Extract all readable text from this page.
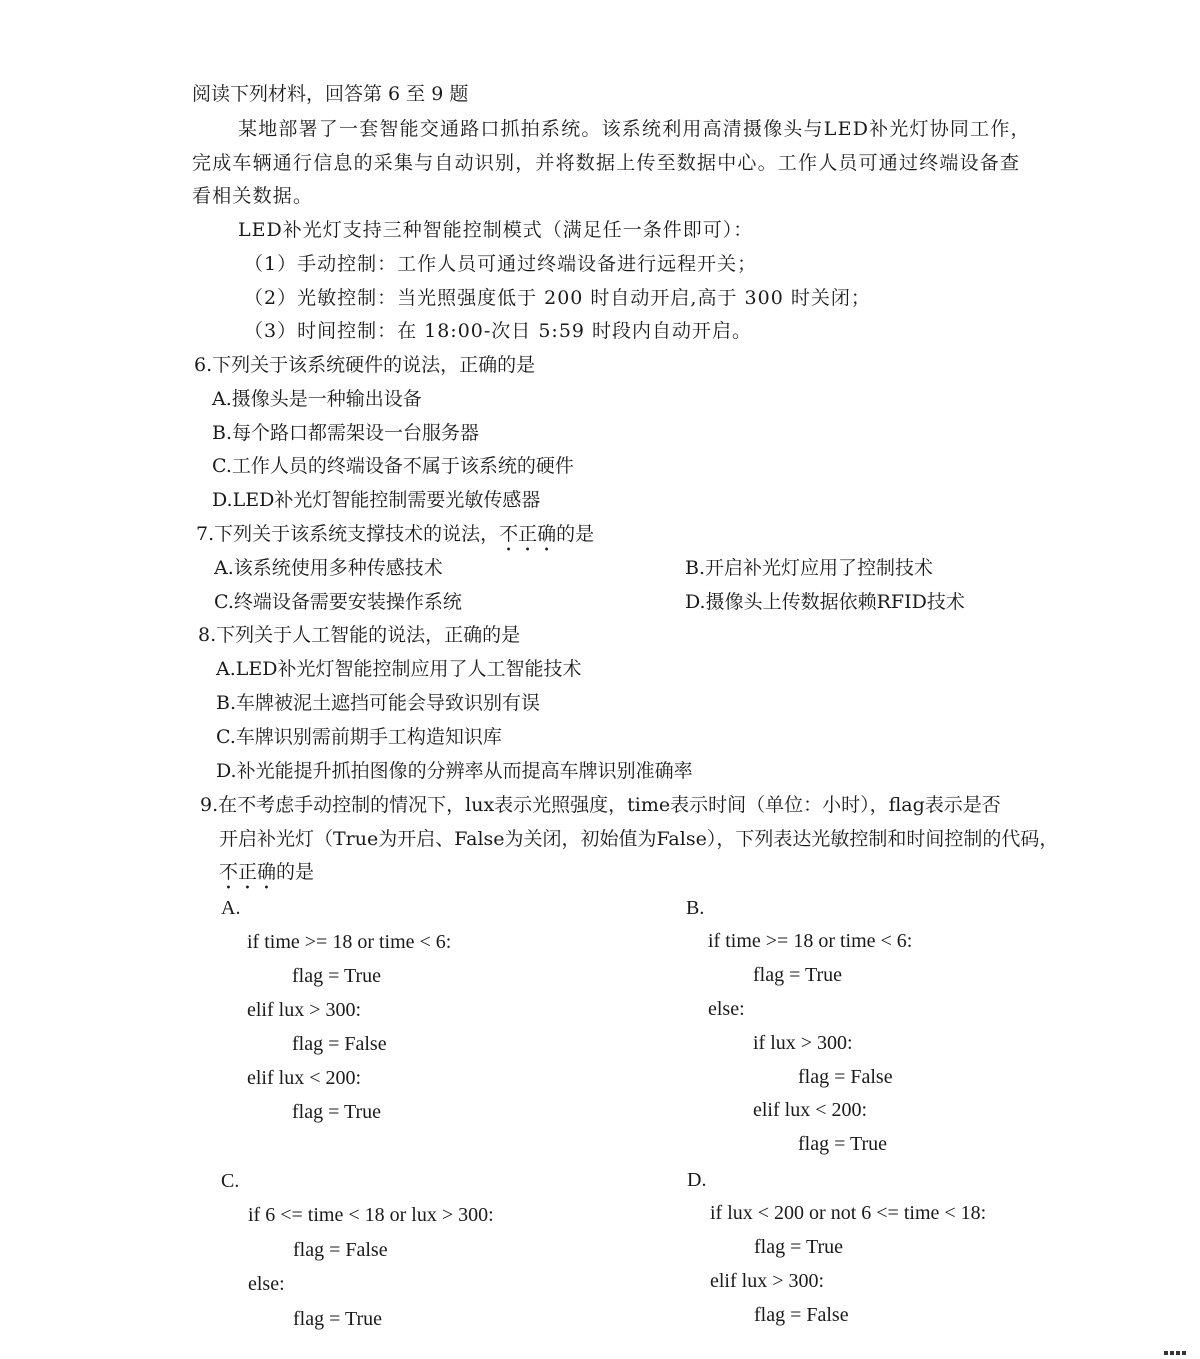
阅读下列材料，回答第 6 至 9 题
某地部署了一套智能交通路口抓拍系统。该系统利用高清摄像头与LED补光灯协同工作，
完成车辆通行信息的采集与自动识别，并将数据上传至数据中心。工作人员可通过终端设备查
看相关数据。
LED补光灯支持三种智能控制模式（满足任一条件即可）：
（1）手动控制：工作人员可通过终端设备进行远程开关；
（2）光敏控制：当光照强度低于 200 时自动开启,高于 300 时关闭；
（3）时间控制：在 18:00-次日 5:59 时段内自动开启。
6.下列关于该系统硬件的说法，正确的是
A.摄像头是一种输出设备
B.每个路口都需架设一台服务器
C.工作人员的终端设备不属于该系统的硬件
D.LED补光灯智能控制需要光敏传感器
7.下列关于该系统支撑技术的说法，不正确的是
A.该系统使用多种传感技术	B.开启补光灯应用了控制技术
C.终端设备需要安装操作系统	D.摄像头上传数据依赖RFID技术
8.下列关于人工智能的说法，正确的是
A.LED补光灯智能控制应用了人工智能技术
B.车牌被泥土遮挡可能会导致识别有误
C.车牌识别需前期手工构造知识库
D.补光能提升抓拍图像的分辨率从而提高车牌识别准确率
9.在不考虑手动控制的情况下，lux表示光照强度，time表示时间（单位：小时），flag表示是否
开启补光灯（True为开启、False为关闭，初始值为False），下列表达光敏控制和时间控制的代码，
不正确的是
A.
if time >= 18 or time < 6:
flag = True
elif lux > 300:
flag = False
elif lux < 200:
flag = True
B.
if time >= 18 or time < 6:
flag = True
else:
if lux > 300:
flag = False
elif lux < 200:
flag = True
C.
if 6 <= time < 18 or lux > 300:
flag = False
else:
flag = True
D.
if lux < 200 or not 6 <= time < 18:
flag = True
elif lux > 300:
flag = False
